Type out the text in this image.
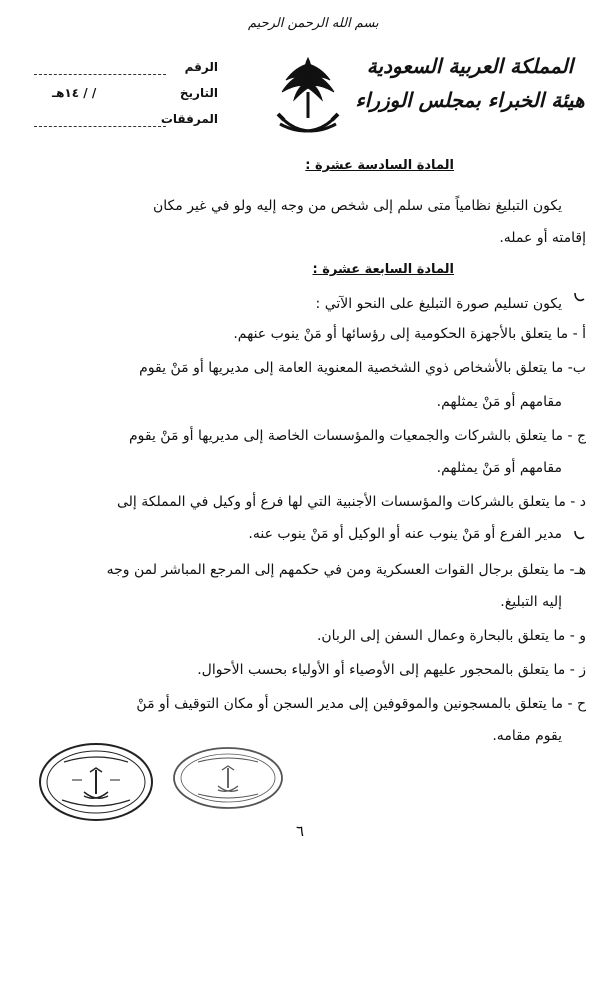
بسم الله الرحمن الرحيم
المملكة العربية السعودية
هيئة الخبراء بمجلس الوزراء
الرقم
التاريخ
/ / ١٤هـ
المرفقات
المادة السادسة عشرة :
يكون التبليغ نظامياً متى سلم إلى شخص من وجه إليه ولو في غير مكان
إقامته أو عمله.
المادة السابعة عشرة :
يكون تسليم صورة التبليغ على النحو الآتي :
أ - ما يتعلق بالأجهزة الحكومية إلى رؤسائها أو مَنْ ينوب عنهم.
ب- ما يتعلق بالأشخاص ذوي الشخصية المعنوية العامة إلى مديريها أو مَنْ يقوم
مقامهم أو مَنْ يمثلهم.
ج - ما يتعلق بالشركات والجمعيات والمؤسسات الخاصة إلى مديريها أو مَنْ يقوم
مقامهم أو مَنْ يمثلهم.
د - ما يتعلق بالشركات والمؤسسات الأجنبية التي لها فرع أو وكيل في المملكة إلى
مدير الفرع أو مَنْ ينوب عنه أو الوكيل أو مَنْ ينوب عنه.
هـ- ما يتعلق برجال القوات العسكرية ومن في حكمهم إلى المرجع المباشر لمن وجه
إليه التبليغ.
و - ما يتعلق بالبحارة وعمال السفن إلى الربان.
ز - ما يتعلق بالمحجور عليهم إلى الأوصياء أو الأولياء بحسب الأحوال.
ح - ما يتعلق بالمسجونين والموقوفين إلى مدير السجن أو مكان التوقيف أو مَنْ
يقوم مقامه.
٦
